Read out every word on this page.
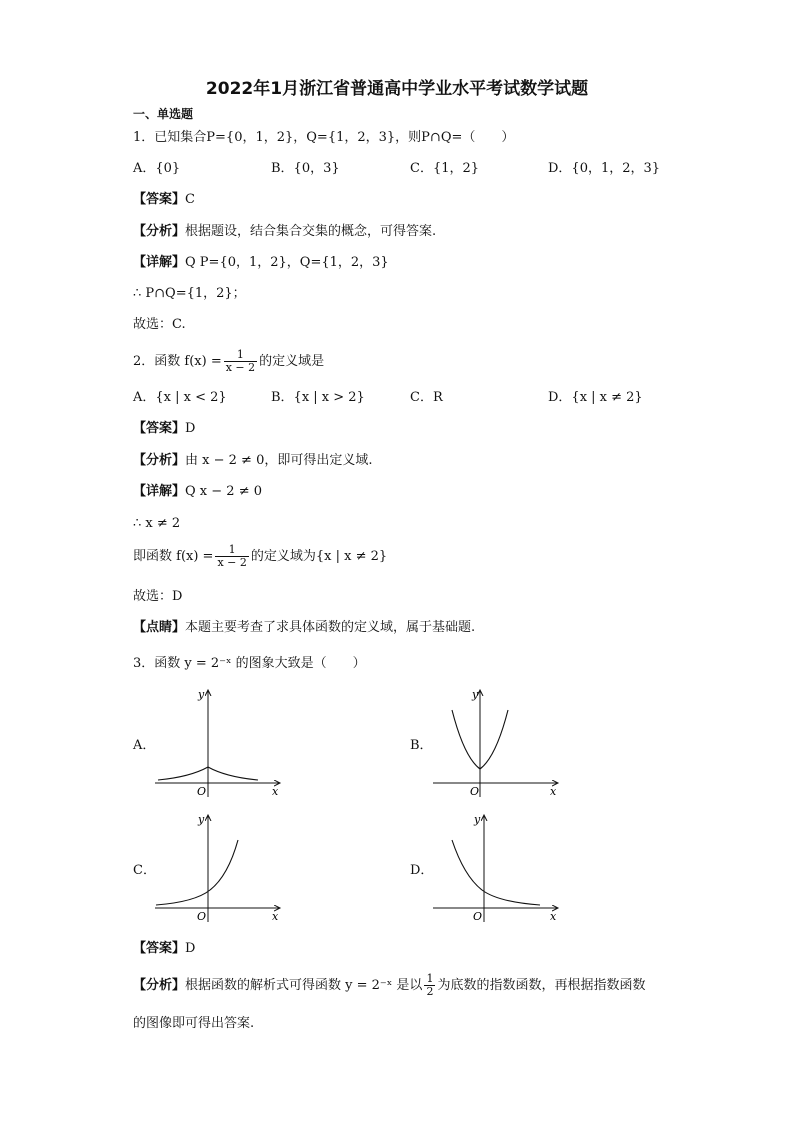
2022年1月浙江省普通高中学业水平考试数学试题
一、单选题
1．已知集合P={0，1，2}，Q={1，2，3}，则P∩Q=（　　）
A．{0}	B．{0，3}	C．{1，2}	D．{0，1，2，3}
【答案】C
【分析】根据题设，结合集合交集的概念，可得答案.
【详解】Q P={0，1，2}，Q={1，2，3}
∴ P∩Q={1，2}；
故选：C.
2．函数 $f(x) = \frac{1}{x - 2}$ 的定义域是
A．{x | x < 2}	B．{x | x > 2}	C．R	D．{x | x ≠ 2}
【答案】D
【分析】由 x − 2 ≠ 0，即可得出定义域.
【详解】Q x − 2 ≠ 0
∴ x ≠ 2
即函数 $f(x) = \frac{1}{x - 2}$ 的定义域为{x | x ≠ 2}
故选：D
【点睛】本题主要考查了求具体函数的定义域，属于基础题.
3．函数 y = 2⁻ˣ 的图象大致是（　　）
A．
O	x
y
B．
O	x
y
C．
O	x
y
D．
O	x
y
【答案】D
【分析】根据函数的解析式可得函数 y = 2⁻ˣ 是以 $\frac{1}{2}$ 为底数的指数函数，再根据指数函数
的图像即可得出答案.
